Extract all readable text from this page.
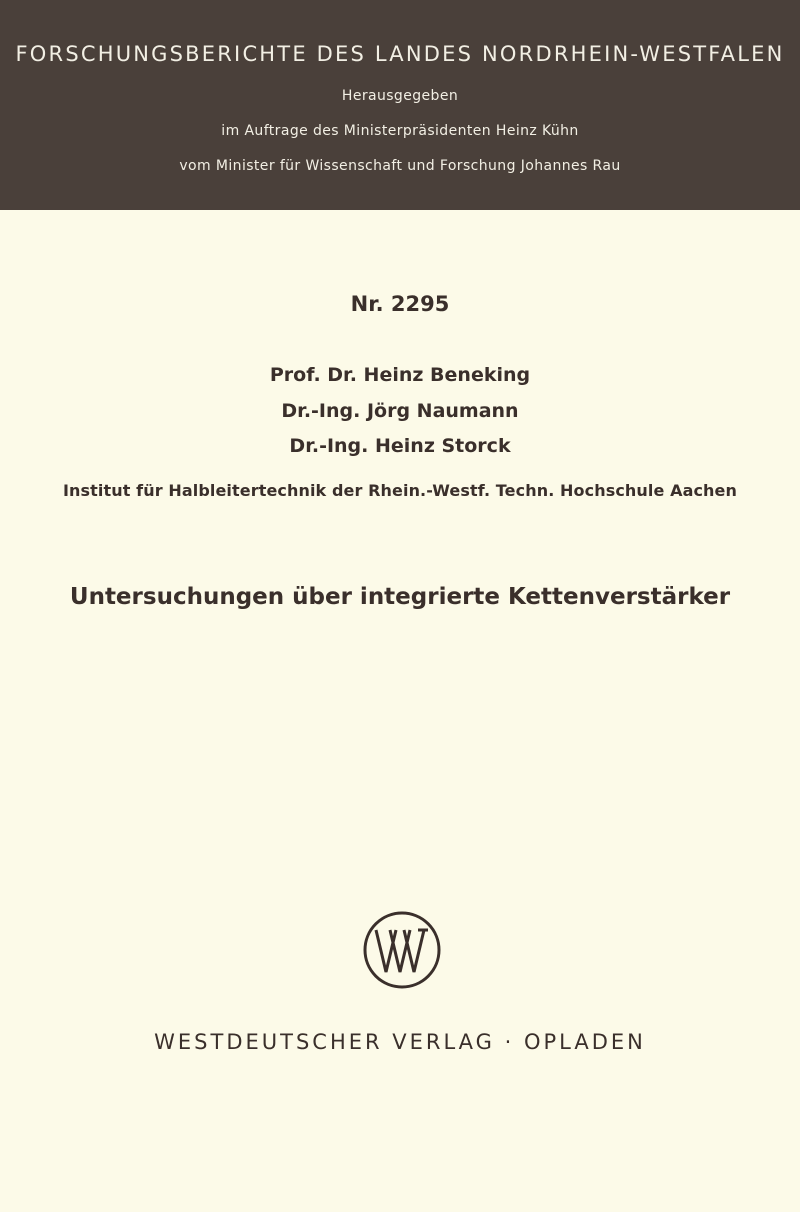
FORSCHUNGSBERICHTE DES LANDES NORDRHEIN-WESTFALEN
Herausgegeben
im Auftrage des Ministerpräsidenten Heinz Kühn
vom Minister für Wissenschaft und Forschung Johannes Rau
Nr. 2295
Prof. Dr. Heinz Beneking
Dr.-Ing. Jörg Naumann
Dr.-Ing. Heinz Storck
Institut für Halbleitertechnik der Rhein.-Westf. Techn. Hochschule Aachen
Untersuchungen über integrierte Kettenverstärker
WESTDEUTSCHER VERLAG · OPLADEN
